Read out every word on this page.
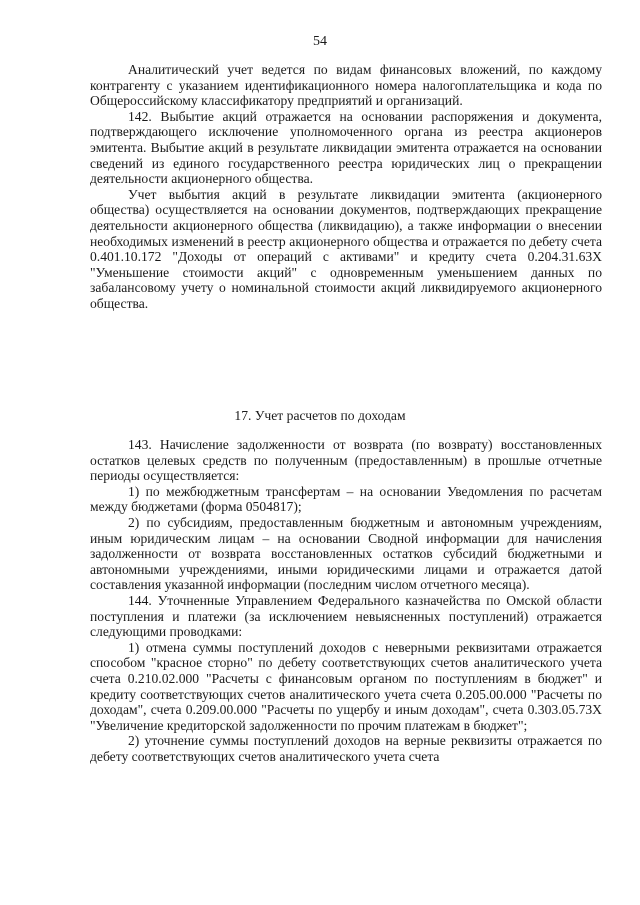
54

Аналитический учет ведется по видам финансовых вложений, по каждому контрагенту с указанием идентификационного номера налогоплательщика и кода по Общероссийскому классификатору предприятий и организаций.

142. Выбытие акций отражается на основании распоряжения и документа, подтверждающего исключение уполномоченного органа из реестра акционеров эмитента. Выбытие акций в результате ликвидации эмитента отражается на основании сведений из единого государственного реестра юридических лиц о прекращении деятельности акционерного общества.

Учет выбытия акций в результате ликвидации эмитента (акционерного общества) осуществляется на основании документов, подтверждающих прекращение деятельности акционерного общества (ликвидацию), а также информации о внесении необходимых изменений в реестр акционерного общества и отражается по дебету счета 0.401.10.172 "Доходы от операций с активами" и кредиту счета 0.204.31.63Х "Уменьшение стоимости акций" с одновременным уменьшением данных по забалансовому учету о номинальной стоимости акций ликвидируемого акционерного общества.

17. Учет расчетов по доходам

143. Начисление задолженности от возврата (по возврату) восстановленных остатков целевых средств по полученным (предоставленным) в прошлые отчетные периоды осуществляется:

1) по межбюджетным трансфертам – на основании Уведомления по расчетам между бюджетами (форма 0504817);

2) по субсидиям, предоставленным бюджетным и автономным учреждениям, иным юридическим лицам – на основании Сводной информации для начисления задолженности от возврата восстановленных остатков субсидий бюджетными и автономными учреждениями, иными юридическими лицами и отражается датой составления указанной информации (последним числом отчетного месяца).

144. Уточненные Управлением Федерального казначейства по Омской области поступления и платежи (за исключением невыясненных поступлений) отражается следующими проводками:

1) отмена суммы поступлений доходов с неверными реквизитами отражается способом "красное сторно" по дебету соответствующих счетов аналитического учета счета 0.210.02.000 "Расчеты с финансовым органом по поступлениям в бюджет" и кредиту соответствующих счетов аналитического учета счета 0.205.00.000 "Расчеты по доходам", счета 0.209.00.000 "Расчеты по ущербу и иным доходам", счета 0.303.05.73Х "Увеличение кредиторской задолженности по прочим платежам в бюджет";

2) уточнение суммы поступлений доходов на верные реквизиты отражается по дебету соответствующих счетов аналитического учета счета
